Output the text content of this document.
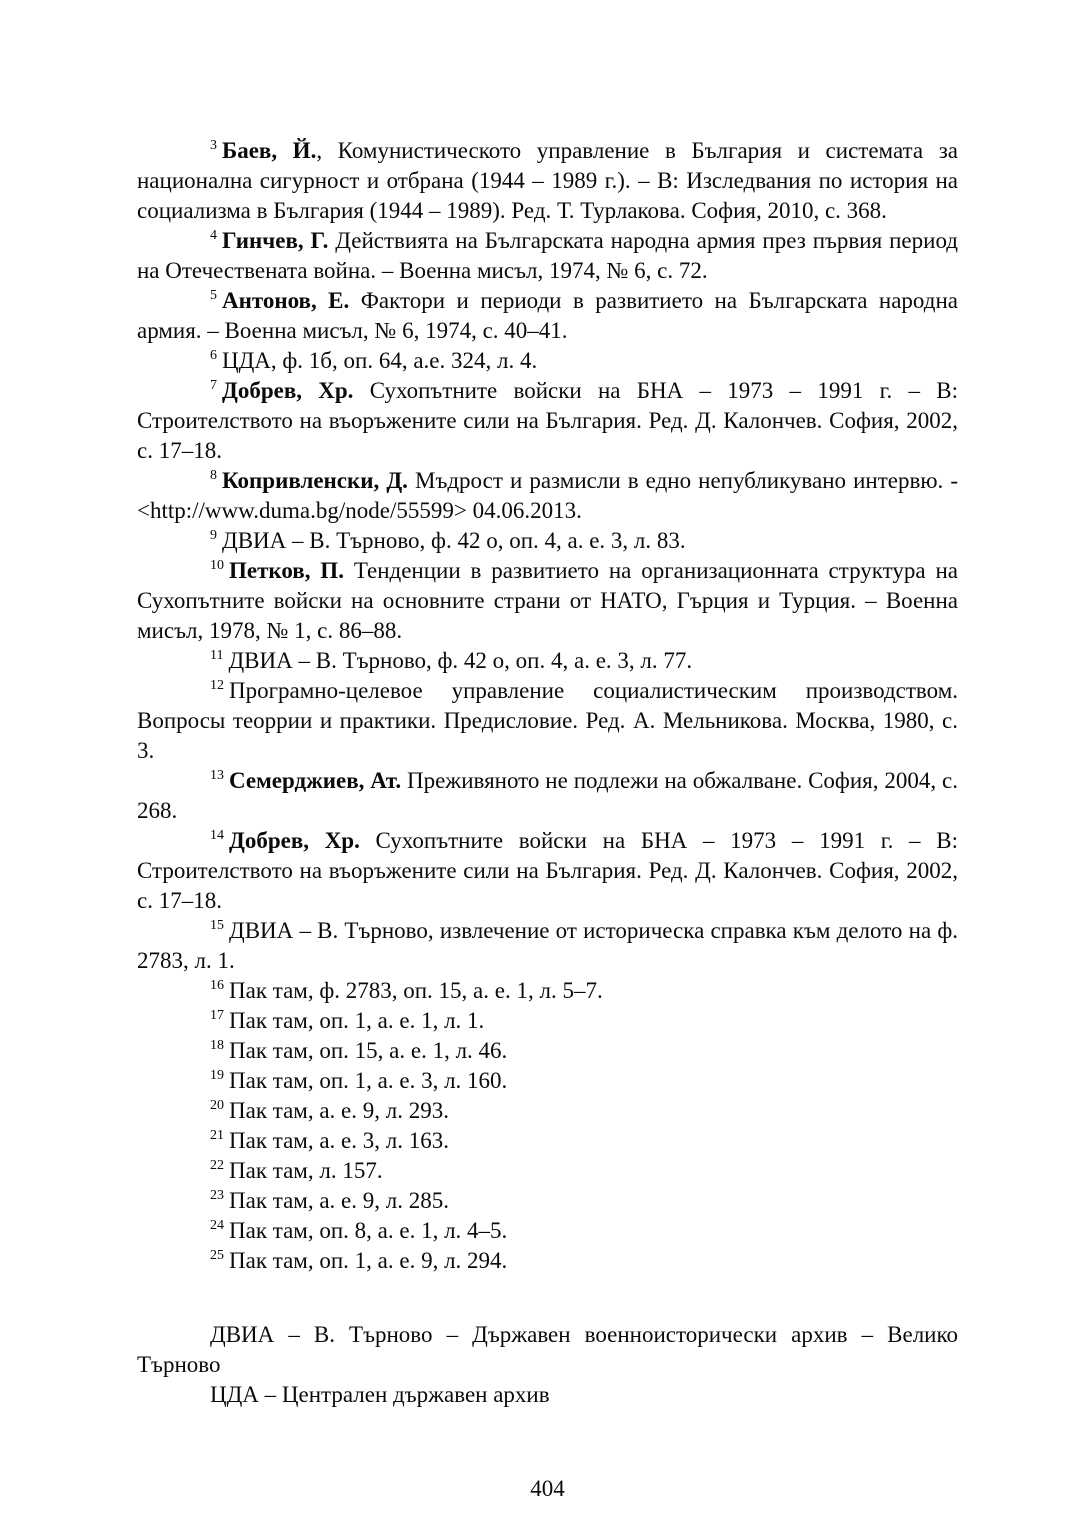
$^3$ Баев, Й., Комунистическото управление в България и системата за национална сигурност и отбрана (1944 – 1989 г.). – В: Изследвания по история на социализма в България (1944 – 1989). Ред. Т. Турлакова. София, 2010, с. 368.

$^4$ Гинчев, Г. Действията на Българската народна армия през първия период на Отечествената война. – Военна мисъл, 1974, № 6, с. 72.

$^5$ Антонов, Е. Фактори и периоди в развитието на Българската народна армия. – Военна мисъл, № 6, 1974, с. 40–41.

$^6$ ЦДА, ф. 1б, оп. 64, а.е. 324, л. 4.

$^7$ Добрев, Хр. Сухопътните войски на БНА – 1973 – 1991 г. – В: Строителството на въоръжените сили на България. Ред. Д. Калончев. София, 2002, с. 17–18.

$^8$ Копривленски, Д. Мъдрост и размисли в едно непубликувано интервю. - <http://www.duma.bg/node/55599> 04.06.2013.

$^9$ ДВИА – В. Търново, ф. 42 о, оп. 4, а. е. 3, л. 83.

$^{10}$ Петков, П. Тенденции в развитието на организационната структура на Сухопътните войски на основните страни от НАТО, Гърция и Турция. – Военна мисъл, 1978, № 1, с. 86–88.

$^{11}$ ДВИА – В. Търново, ф. 42 о, оп. 4, а. е. 3, л. 77.

$^{12}$ Програмно-целевое управление социалистическим производством. Вопросы теоррии и практики. Предисловие. Ред. А. Мельникова. Москва, 1980, с. 3.

$^{13}$ Семерджиев, Ат. Преживяното не подлежи на обжалване. София, 2004, с. 268.

$^{14}$ Добрев, Хр. Сухопътните войски на БНА – 1973 – 1991 г. – В: Строителството на въоръжените сили на България. Ред. Д. Калончев. София, 2002, с. 17–18.

$^{15}$ ДВИА – В. Търново, извлечение от историческа справка към делото на ф. 2783, л. 1.

$^{16}$ Пак там, ф. 2783, оп. 15, а. е. 1, л. 5–7.

$^{17}$ Пак там, оп. 1, а. е. 1, л. 1.

$^{18}$ Пак там, оп. 15, а. е. 1, л. 46.

$^{19}$ Пак там, оп. 1, а. е. 3, л. 160.

$^{20}$ Пак там, а. е. 9, л. 293.

$^{21}$ Пак там, а. е. 3, л. 163.

$^{22}$ Пак там, л. 157.

$^{23}$ Пак там, а. е. 9, л. 285.

$^{24}$ Пак там, оп. 8, а. е. 1, л. 4–5.

$^{25}$ Пак там, оп. 1, а. е. 9, л. 294.

ДВИА – В. Търново – Държавен военноисторически архив – Велико Търново

ЦДА – Централен държавен архив

404
